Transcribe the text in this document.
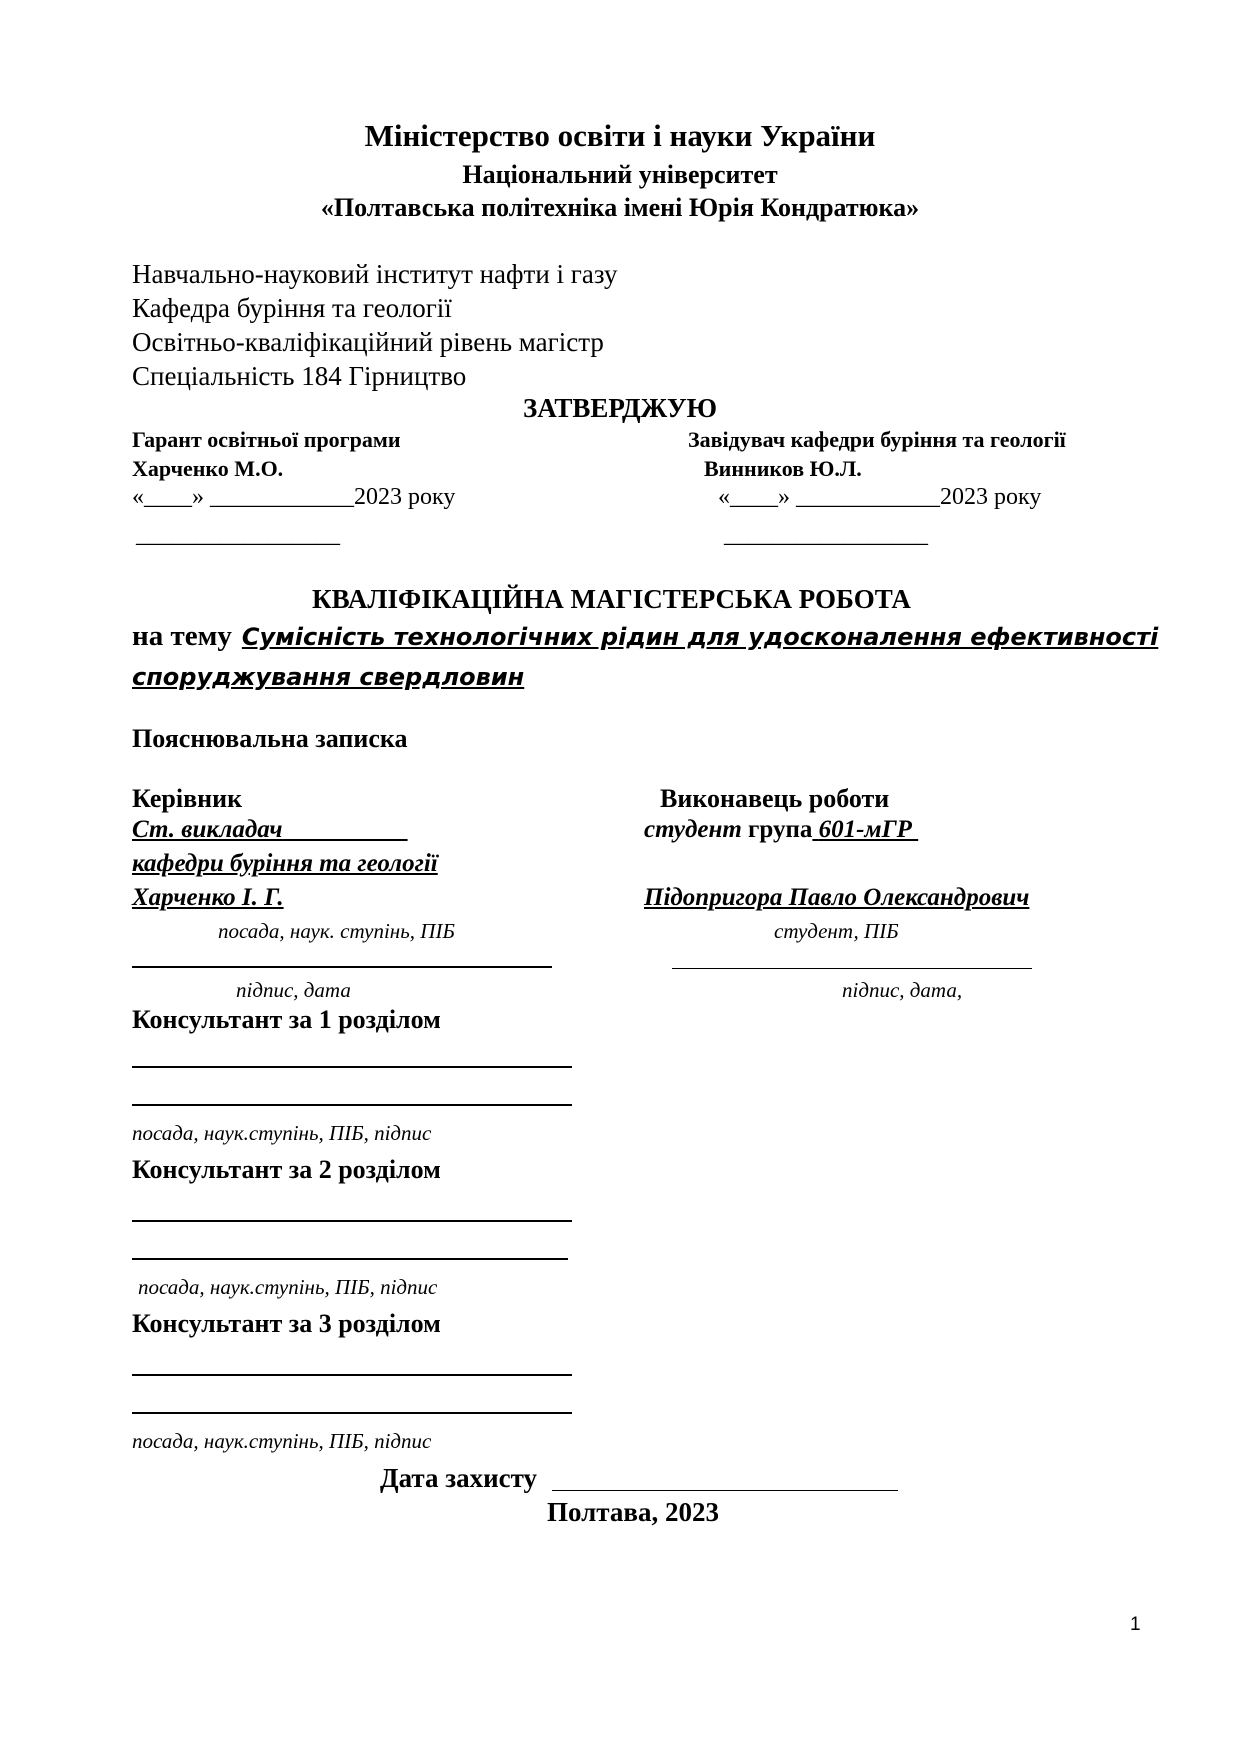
Міністерство освіти і науки України
Національний університет
«Полтавська політехніка імені Юрія Кондратюка»
Навчально-науковий інститут нафти і газу
Кафедра буріння та геології
Освітньо-кваліфікаційний рівень магістр
Спеціальність 184 Гірництво
ЗАТВЕРДЖУЮ
Гарант освітньої програми
Харченко М.О.
«____» ____________2023 року
_________________
Завідувач кафедри буріння та геології
Винников Ю.Л.
«____» ____________2023 року
_________________
КВАЛІФІКАЦІЙНА МАГІСТЕРСЬКА РОБОТА
на тему Сумісність технологічних рідин для удосконалення ефективності
споруджування свердловин
Пояснювальна записка
Керівник
Ст. викладач
кафедри буріння та геології
Харченко І. Г.
посада, наук. ступінь, ПІБ
підпис, дата
Виконавець роботи
студент група 601-мГР
Підопригора Павло Олександрович
студент, ПІБ
підпис, дата,
Консультант за 1 розділом
посада, наук.ступінь, ПІБ, підпис
Консультант за 2 розділом
посада, наук.ступінь, ПІБ, підпис
Консультант за 3 розділом
посада, наук.ступінь, ПІБ, підпис
Дата захисту
Полтава, 2023
1
